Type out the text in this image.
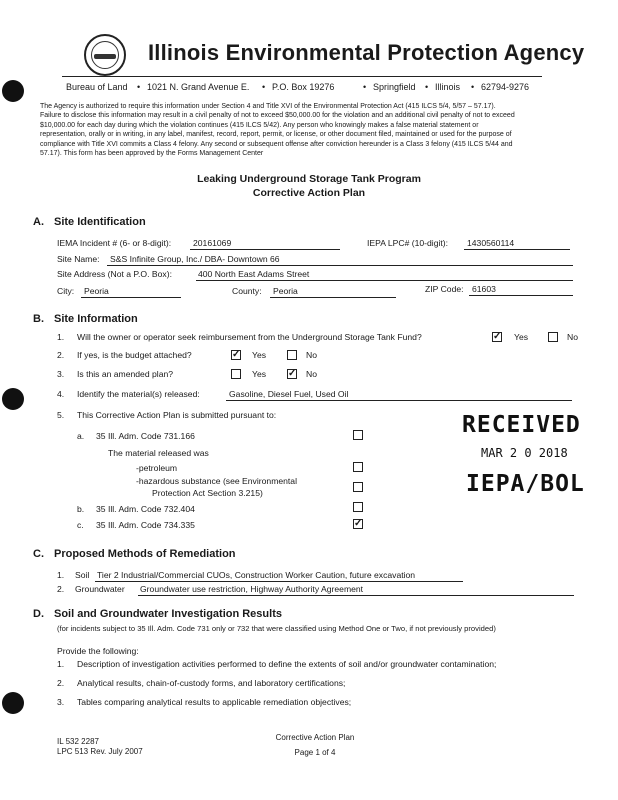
Illinois Environmental Protection Agency
Bureau of Land • 1021 N. Grand Avenue E. • P.O. Box 19276	• Springfield • Illinois • 62794-9276
The Agency is authorized to require this information under Section 4 and Title XVI of the Environmental Protection Act (415 ILCS 5/4, 5/57 – 57.17).
Failure to disclose this information may result in a civil penalty of not to exceed $50,000.00 for the violation and an additional civil penalty of not to exceed
$10,000.00 for each day during which the violation continues (415 ILCS 5/42). Any person who knowingly makes a false material statement or
representation, orally or in writing, in any label, manifest, record, report, permit, or license, or other document filed, maintained or used for the purpose of
compliance with Title XVI commits a Class 4 felony. Any second or subsequent offense after conviction hereunder is a Class 3 felony (415 ILCS 5/44 and
57.17). This form has been approved by the Forms Management Center
Leaking Underground Storage Tank Program
Corrective Action Plan
A. Site Identification
IEMA Incident # (6- or 8-digit):	20161069	IEPA LPC# (10-digit): 1430560114
Site Name: S&S Infinite Group, Inc./ DBA- Downtown 66
Site Address (Not a P.O. Box):	400 North East Adams Street
City: Peoria	County: Peoria	ZIP Code: 61603
B. Site Information
1. Will the owner or operator seek reimbursement from the Underground Storage Tank Fund?	✓ Yes	No
2. If yes, is the budget attached?	✓ Yes	No
3. Is this an amended plan?	Yes ✓ No
4. Identify the material(s) released:	Gasoline, Diesel Fuel, Used Oil
5. This Corrective Action Plan is submitted pursuant to:
a. 35 Ill. Adm. Code 731.166
The material released was
-petroleum
-hazardous substance (see Environmental
Protection Act Section 3.215)
b. 35 Ill. Adm. Code 732.404
c. 35 Ill. Adm. Code 734.335	✓
RECEIVED
MAR 2 0 2018
IEPA/BOL
C. Proposed Methods of Remediation
1. Soil Tier 2 Industrial/Commercial CUOs, Construction Worker Caution, future excavation
2. Groundwater Groundwater use restriction, Highway Authority Agreement
D. Soil and Groundwater Investigation Results
(for incidents subject to 35 Ill. Adm. Code 731 only or 732 that were classified using Method One or Two, if not previously provided)
Provide the following:
1. Description of investigation activities performed to define the extents of soil and/or groundwater contamination;
2. Analytical results, chain-of-custody forms, and laboratory certifications;
3. Tables comparing analytical results to applicable remediation objectives;
IL 532 2287
LPC 513 Rev. July 2007
Corrective Action Plan
Page 1 of 4
